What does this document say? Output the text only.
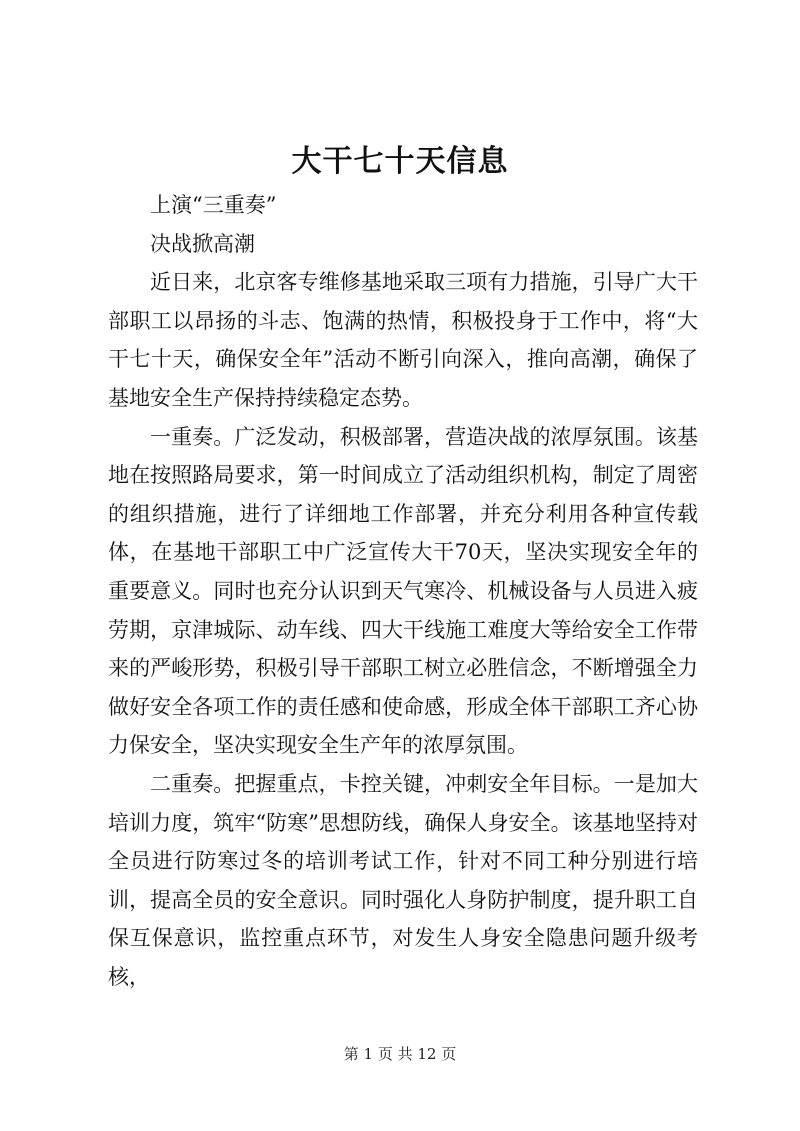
大干七十天信息

上演“三重奏”

决战掀高潮

近日来，北京客专维修基地采取三项有力措施，引导广大干部职工以昂扬的斗志、饱满的热情，积极投身于工作中，将“大干七十天，确保安全年”活动不断引向深入，推向高潮，确保了基地安全生产保持持续稳定态势。

一重奏。广泛发动，积极部署，营造决战的浓厚氛围。该基地在按照路局要求，第一时间成立了活动组织机构，制定了周密的组织措施，进行了详细地工作部署，并充分利用各种宣传载体，在基地干部职工中广泛宣传大干70天，坚决实现安全年的重要意义。同时也充分认识到天气寒冷、机械设备与人员进入疲劳期，京津城际、动车线、四大干线施工难度大等给安全工作带来的严峻形势，积极引导干部职工树立必胜信念，不断增强全力做好安全各项工作的责任感和使命感，形成全体干部职工齐心协力保安全，坚决实现安全生产年的浓厚氛围。

二重奏。把握重点，卡控关键，冲刺安全年目标。一是加大培训力度，筑牢“防寒”思想防线，确保人身安全。该基地坚持对全员进行防寒过冬的培训考试工作，针对不同工种分别进行培训，提高全员的安全意识。同时强化人身防护制度，提升职工自保互保意识，监控重点环节，对发生人身安全隐患问题升级考核，

第 1 页 共 12 页
